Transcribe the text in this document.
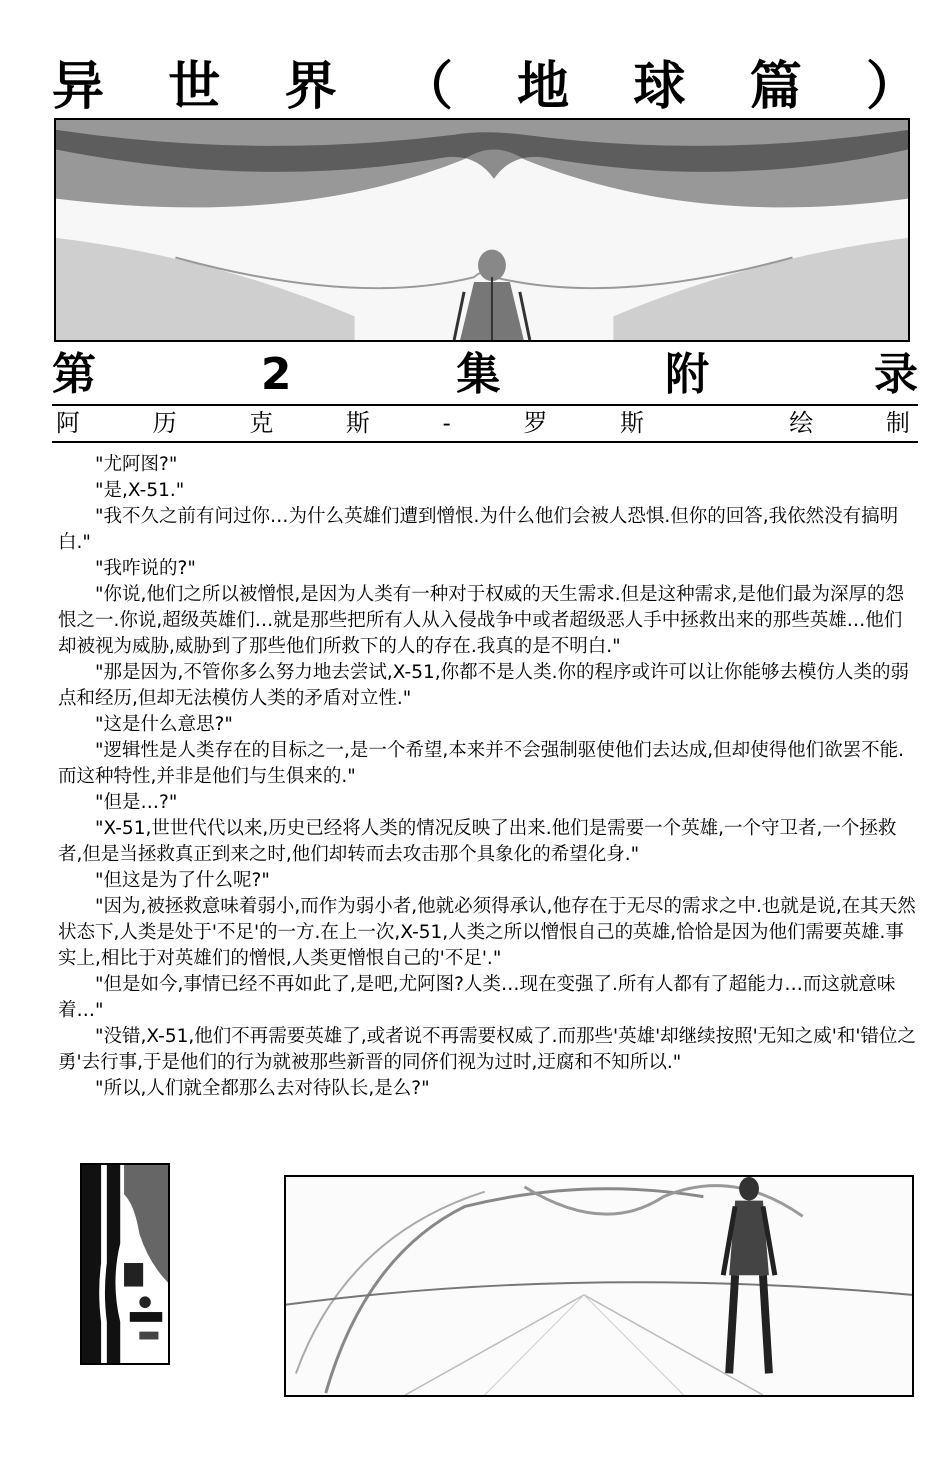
异 世 界 （ 地 球 篇 ）
第	2	集	附	录
阿	历	克	斯	-	罗	斯	绘	制

"尤阿图?"

"是,X-51."

"我不久之前有问过你…为什么英雄们遭到憎恨.为什么他们会被人恐惧.但你的回答,我依然没有搞明白."

"我咋说的?"

"你说,他们之所以被憎恨,是因为人类有一种对于权威的天生需求.但是这种需求,是他们最为深厚的怨恨之一.你说,超级英雄们…就是那些把所有人从入侵战争中或者超级恶人手中拯救出来的那些英雄…他们却被视为威胁,威胁到了那些他们所救下的人的存在.我真的是不明白."

"那是因为,不管你多么努力地去尝试,X-51,你都不是人类.你的程序或许可以让你能够去模仿人类的弱点和经历,但却无法模仿人类的矛盾对立性."

"这是什么意思?"

"逻辑性是人类存在的目标之一,是一个希望,本来并不会强制驱使他们去达成,但却使得他们欲罢不能.而这种特性,并非是他们与生俱来的."

"但是…?"

"X-51,世世代代以来,历史已经将人类的情况反映了出来.他们是需要一个英雄,一个守卫者,一个拯救者,但是当拯救真正到来之时,他们却转而去攻击那个具象化的希望化身."

"但这是为了什么呢?"

"因为,被拯救意味着弱小,而作为弱小者,他就必须得承认,他存在于无尽的需求之中.也就是说,在其天然状态下,人类是处于'不足'的一方.在上一次,X-51,人类之所以憎恨自己的英雄,恰恰是因为他们需要英雄.事实上,相比于对英雄们的憎恨,人类更憎恨自己的'不足'."

"但是如今,事情已经不再如此了,是吧,尤阿图?人类…现在变强了.所有人都有了超能力…而这就意味着…"

"没错,X-51,他们不再需要英雄了,或者说不再需要权威了.而那些'英雄'却继续按照'无知之威'和'错位之勇'去行事,于是他们的行为就被那些新晋的同侪们视为过时,迂腐和不知所以."

"所以,人们就全都那么去对待队长,是么?"
